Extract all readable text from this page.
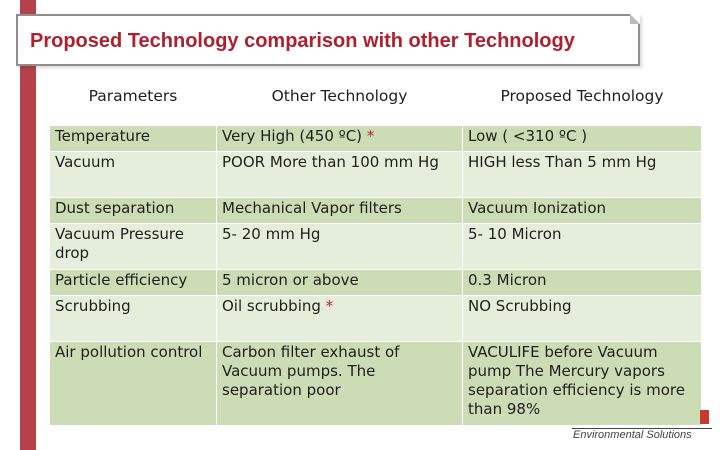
Proposed Technology comparison with other Technology
Parameters	Other Technology	Proposed Technology
Temperature	Very High (450 ºC) *	Low ( <310 ºC )
Vacuum	POOR More than 100 mm Hg	HIGH less Than 5 mm Hg
Dust separation	Mechanical Vapor filters	Vacuum Ionization
Vacuum Pressure drop	5- 20 mm Hg	5- 10 Micron
Particle efficiency	5 micron or above	0.3 Micron
Scrubbing	Oil scrubbing *	NO Scrubbing
Air pollution control	Carbon filter exhaust of Vacuum pumps. The separation poor	VACULIFE before Vacuum pump The Mercury vapors separation efficiency is more than 98%
Environmental Solutions
